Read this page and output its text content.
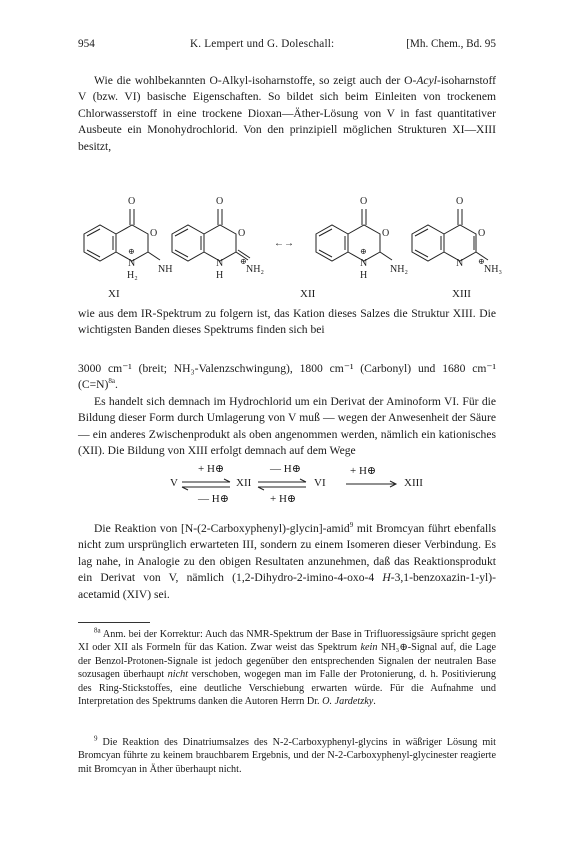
954	K. Lempert und G. Doleschall:	[Mh. Chem., Bd. 95
Wie die wohlbekannten O-Alkyl-isoharnstoffe, so zeigt auch der O-Acyl-isoharnstoff V (bzw. VI) basische Eigenschaften. So bildet sich beim Einleiten von trockenem Chlorwasserstoff in eine trockene Dioxan—Äther-Lösung von V in fast quantitativer Ausbeute ein Monohydrochlorid. Von den prinzipiell möglichen Strukturen XI—XIII besitzt,
O	O	O	O
O	O	O	O
⊕
N
H₂
NH
N
H
⊕
NH₂
←→
⊕
N
H
NH₂
N ⊕
NH₃
XI	XII	XIII
wie aus dem IR-Spektrum zu folgern ist, das Kation dieses Salzes die Struktur XIII. Die wichtigsten Banden dieses Spektrums finden sich bei
3000 cm⁻¹ (breit; NH₃-Valenzschwingung), 1800 cm⁻¹ (Carbonyl) und 1680 cm⁻¹ (C=N)$^{8a}$.
Es handelt sich demnach im Hydrochlorid um ein Derivat der Aminoform VI. Für die Bildung dieser Form durch Umlagerung von V muß — wegen der Anwesenheit der Säure — ein anderes Zwischenprodukt als oben angenommen werden, nämlich ein kationisches (XII). Die Bildung von XIII erfolgt demnach auf dem Wege
V
+ H⊕
— H⊕
XII
— H⊕
+ H⊕
VI
+ H⊕
XIII
Die Reaktion von [N-(2-Carboxyphenyl)-glycin]-amid$^9$ mit Bromcyan führt ebenfalls nicht zum ursprünglich erwarteten III, sondern zu einem Isomeren dieser Verbindung. Es lag nahe, in Analogie zu den obigen Resultaten anzunehmen, daß das Reaktionsprodukt ein Derivat von V, nämlich (1,2-Dihydro-2-imino-4-oxo-4 H-3,1-benzoxazin-1-yl)-acetamid (XIV) sei.
$^{8a}$ Anm. bei der Korrektur: Auch das NMR-Spektrum der Base in Trifluoressigsäure spricht gegen XI oder XII als Formeln für das Kation. Zwar weist das Spektrum kein NH₃⊕-Signal auf, die Lage der Benzol-Protonen-Signale ist jedoch gegenüber den entsprechenden Signalen der neutralen Base sozusagen überhaupt nicht verschoben, wogegen man im Falle der Protonierung, d. h. Positivierung des Ring-Stickstoffes, eine deutliche Verschiebung erwarten würde. Für die Aufnahme und Interpretation des Spektrums danken die Autoren Herrn Dr. O. Jardetzky.
$^9$ Die Reaktion des Dinatriumsalzes des N-2-Carboxyphenyl-glycins in wäßriger Lösung mit Bromcyan führte zu keinem brauchbarem Ergebnis, und der N-2-Carboxyphenyl-glycinester reagierte mit Bromcyan in Äther überhaupt nicht.
